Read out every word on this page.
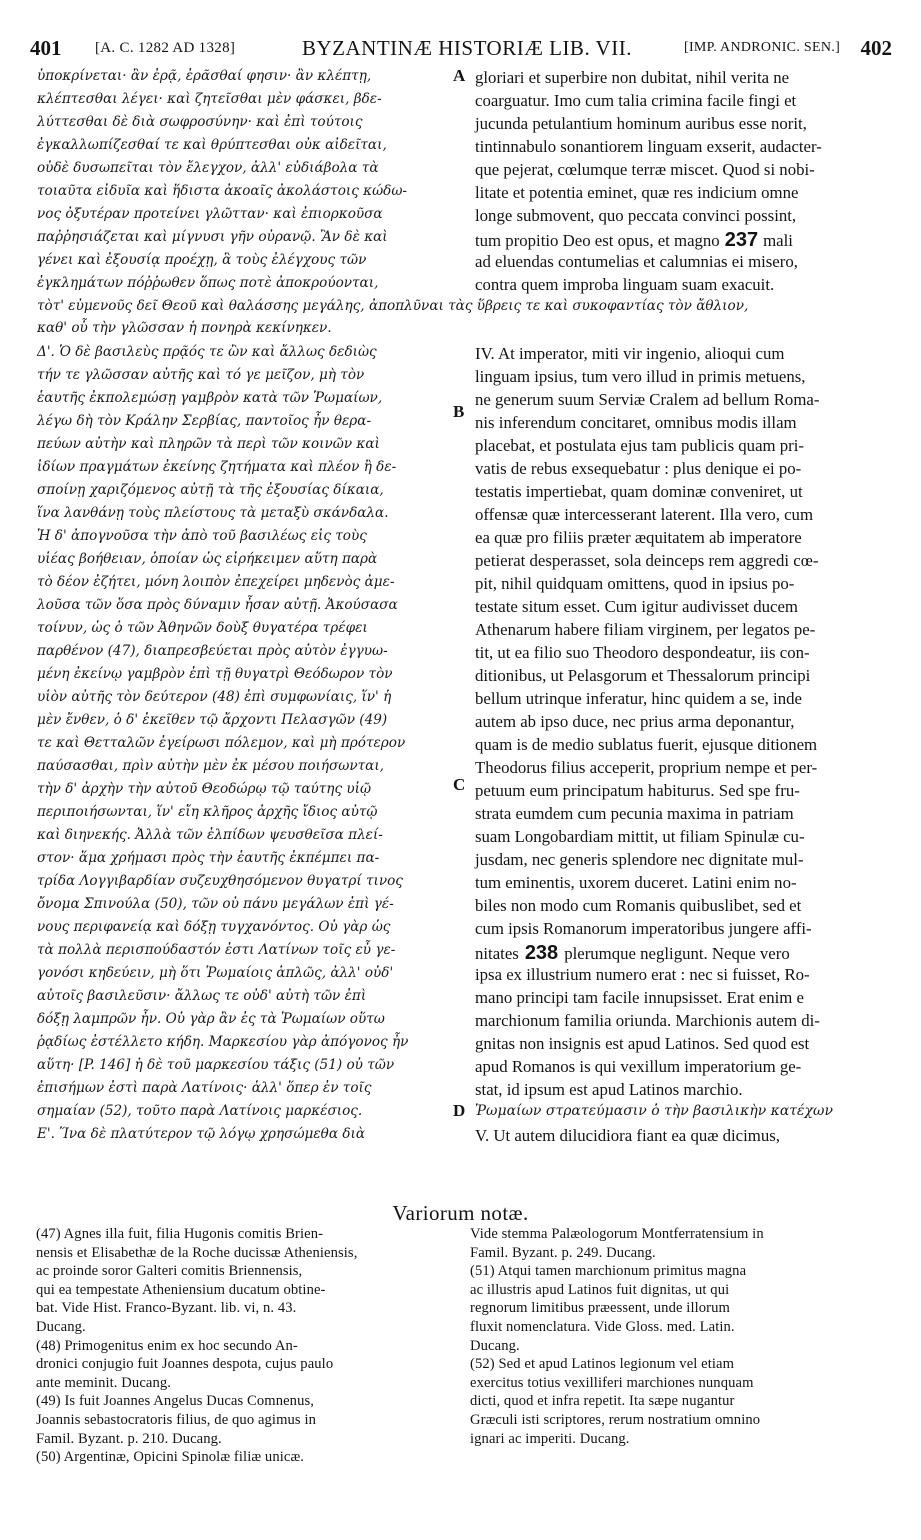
401 [A. C. 1282 AD 1328]	BYZANTINÆ HISTORIÆ LIB. VII.	[IMP. ANDRONIC. SEN.] 402
ὑποκρίνεται· ἂν ἐρᾷ, ἐρᾶσθαί φησιν· ἂν κλέπτῃ,
κλέπτεσθαι λέγει· καὶ ζητεῖσθαι μὲν φάσκει, βδε-
λύττεσθαι δὲ διὰ σωφροσύνην· καὶ ἐπὶ τούτοις
ἐγκαλλωπίζεσθαί τε καὶ θρύπτεσθαι οὐκ αἰδεῖται,
οὐδὲ δυσωπεῖται τὸν ἔλεγχον, ἀλλ' εὐδιάβολα τὰ
τοιαῦτα εἰδυῖα καὶ ἥδιστα ἀκοαῖς ἀκολάστοις κώδω-
νος ὀξυτέραν προτείνει γλῶτταν· καὶ ἐπιορκοῦσα
παῤῥησιάζεται καὶ μίγνυσι γῆν οὐρανῷ. Ἂν δὲ καὶ
γένει καὶ ἐξουσίᾳ προέχῃ, ἃ τοὺς ἐλέγχους τῶν
ἐγκλημάτων πόῤῥωθεν ὅπως ποτὲ ἀποκρούονται,
Δ'. Ὁ δὲ βασιλεὺς πρᾷός τε ὢν καὶ ἄλλως δεδιὼς
τήν τε γλῶσσαν αὐτῆς καὶ τό γε μεῖζον, μὴ τὸν
ἑαυτῆς ἐκπολεμώσῃ γαμβρὸν κατὰ τῶν Ῥωμαίων,
λέγω δὴ τὸν Κράλην Σερβίας, παντοῖος ἦν θερα-
πεύων αὐτὴν καὶ πληρῶν τὰ περὶ τῶν κοινῶν καὶ
ἰδίων πραγμάτων ἐκείνης ζητήματα καὶ πλέον ἢ δε-
σποίνῃ χαριζόμενος αὐτῇ τὰ τῆς ἐξουσίας δίκαια,
ἵνα λανθάνῃ τοὺς πλείστους τὰ μεταξὺ σκάνδαλα.
Ἡ δ' ἀπογνοῦσα τὴν ἀπὸ τοῦ βασιλέως εἰς τοὺς
υἱέας βοήθειαν, ὁποίαν ὡς εἰρήκειμεν αὕτη παρὰ
τὸ δέον ἐζήτει, μόνη λοιπὸν ἐπεχείρει μηδενὸς ἀμε-
λοῦσα τῶν ὅσα πρὸς δύναμιν ἦσαν αὐτῇ. Ἀκούσασα
τοίνυν, ὡς ὁ τῶν Ἀθηνῶν δοὺξ θυγατέρα τρέφει
παρθένον (47), διαπρεσβεύεται πρὸς αὐτὸν ἐγγυω-
μένη ἐκείνῳ γαμβρὸν ἐπὶ τῇ θυγατρὶ Θεόδωρον τὸν
υἱὸν αὐτῆς τὸν δεύτερον (48) ἐπὶ συμφωνίαις, ἵν' ἡ
μὲν ἔνθεν, ὁ δ' ἐκεῖθεν τῷ ἄρχοντι Πελασγῶν (49)
τε καὶ Θετταλῶν ἐγείρωσι πόλεμον, καὶ μὴ πρότερον
παύσασθαι, πρὶν αὐτὴν μὲν ἐκ μέσου ποιήσωνται,
τὴν δ' ἀρχὴν τὴν αὐτοῦ Θεοδώρῳ τῷ ταύτης υἱῷ
περιποιήσωνται, ἵν' εἴη κλῆρος ἀρχῆς ἴδιος αὐτῷ
καὶ διηνεκής. Ἀλλὰ τῶν ἐλπίδων ψευσθεῖσα πλεί-
στον· ἅμα χρήμασι πρὸς τὴν ἑαυτῆς ἐκπέμπει πα-
τρίδα Λογγιβαρδίαν συζευχθησόμενον θυγατρί τινος
ὄνομα Σπινούλα (50), τῶν οὐ πάνυ μεγάλων ἐπὶ γέ-
νους περιφανείᾳ καὶ δόξῃ τυγχανόντος. Οὐ γὰρ ὡς
τὰ πολλὰ περισπούδαστόν ἐστι Λατίνων τοῖς εὖ γε-
γονόσι κηδεύειν, μὴ ὅτι Ῥωμαίοις ἁπλῶς, ἀλλ' οὐδ'
αὐτοῖς βασιλεῦσιν· ἄλλως τε οὐδ' αὐτὴ τῶν ἐπὶ
δόξῃ λαμπρῶν ἦν. Οὐ γὰρ ἂν ἐς τὰ Ῥωμαίων οὕτω
ῥᾳδίως ἐστέλλετο κήδη. Μαρκεσίου γὰρ ἀπόγονος ἦν
αὕτη· [P. 146] ἡ δὲ τοῦ μαρκεσίου τάξις (51) οὐ τῶν
ἐπισήμων ἐστὶ παρὰ Λατίνοις· ἀλλ' ὅπερ ἐν τοῖς
σημαίαν (52), τοῦτο παρὰ Λατίνοις μαρκέσιος.
Ε'. Ἵνα δὲ πλατύτερον τῷ λόγῳ χρησώμεθα διὰ
gloriari et superbire non dubitat, nihil verita ne
coarguatur. Imo cum talia crimina facile fingi et
jucunda petulantium hominum auribus esse norit,
tintinnabulo sonantiorem linguam exserit, audacter-
que pejerat, cœlumque terræ miscet. Quod si nobi-
litate et potentia eminet, quæ res indicium omne
longe submovent, quo peccata convinci possint,
tum propitio Deo est opus, et magno 237 mali
ad eluendas contumelias et calumnias ei misero,
contra quem improba linguam suam exacuit.
IV. At imperator, miti vir ingenio, alioqui cum
linguam ipsius, tum vero illud in primis metuens,
ne generum suum Serviæ Cralem ad bellum Roma-
nis inferendum concitaret, omnibus modis illam
placebat, et postulata ejus tam publicis quam pri-
vatis de rebus exsequebatur : plus denique ei po-
testatis impertiebat, quam dominæ conveniret, ut
offensæ quæ intercesserant laterent. Illa vero, cum
ea quæ pro filiis præter æquitatem ab imperatore
petierat desperasset, sola deinceps rem aggredi cœ-
pit, nihil quidquam omittens, quod in ipsius po-
testate situm esset. Cum igitur audivisset ducem
Athenarum habere filiam virginem, per legatos pe-
tit, ut ea filio suo Theodoro despondeatur, iis con-
ditionibus, ut Pelasgorum et Thessalorum principi
bellum utrinque inferatur, hinc quidem a se, inde
autem ab ipso duce, nec prius arma deponantur,
quam is de medio sublatus fuerit, ejusque ditionem
Theodorus filius acceperit, proprium nempe et per-
petuum eum principatum habiturus. Sed spe fru-
strata eumdem cum pecunia maxima in patriam
suam Longobardiam mittit, ut filiam Spinulæ cu-
jusdam, nec generis splendore nec dignitate mul-
tum eminentis, uxorem duceret. Latini enim no-
biles non modo cum Romanis quibuslibet, sed et
cum ipsis Romanorum imperatoribus jungere affi-
nitates 238 plerumque negligunt. Neque vero
ipsa ex illustrium numero erat : nec si fuisset, Ro-
mano principi tam facile innupsisset. Erat enim e
marchionum familia oriunda. Marchionis autem di-
gnitas non insignis est apud Latinos. Sed quod est
apud Romanos is qui vexillum imperatorium ge-
stat, id ipsum est apud Latinos marchio.
V. Ut autem dilucidiora fiant ea quæ dicimus,
Ῥωμαίων στρατεύμασιν ὁ τὴν βασιλικὴν κατέχων
τὸτ' εὐμενοῦς δεῖ Θεοῦ καὶ θαλάσσης μεγάλης, ἀποπλῦναι τὰς ὕβρεις τε καὶ συκοφαντίας τὸν ἄθλιον,
καθ' οὗ τὴν γλῶσσαν ἡ πονηρὰ κεκίνηκεν.
A
B
C
D
Variorum notæ.
(47) Agnes illa fuit, filia Hugonis comitis Brien-
nensis et Elisabethæ de la Roche ducissæ Atheniensis,
ac proinde soror Galteri comitis Briennensis,
qui ea tempestate Atheniensium ducatum obtine-
bat. Vide Hist. Franco-Byzant. lib. vi, n. 43.
Ducang.
(48) Primogenitus enim ex hoc secundo An-
dronici conjugio fuit Joannes despota, cujus paulo
ante meminit. Ducang.
(49) Is fuit Joannes Angelus Ducas Comnenus,
Joannis sebastocratoris filius, de quo agimus in
Famil. Byzant. p. 210. Ducang.
(50) Argentinæ, Opicini Spinolæ filiæ unicæ.
Vide stemma Palæologorum Montferratensium in
Famil. Byzant. p. 249. Ducang.
(51) Atqui tamen marchionum primitus magna
ac illustris apud Latinos fuit dignitas, ut qui
regnorum limitibus præessent, unde illorum
fluxit nomenclatura. Vide Gloss. med. Latin.
Ducang.
(52) Sed et apud Latinos legionum vel etiam
exercitus totius vexilliferi marchiones nunquam
dicti, quod et infra repetit. Ita sæpe nugantur
Græculi isti scriptores, rerum nostratium omnino
ignari ac imperiti. Ducang.
